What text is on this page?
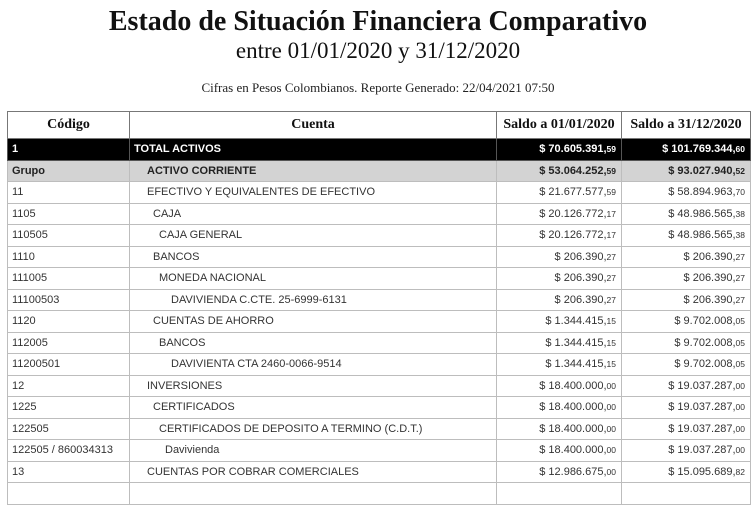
Estado de Situación Financiera Comparativo
entre 01/01/2020 y 31/12/2020
Cifras en Pesos Colombianos. Reporte Generado: 22/04/2021 07:50
Código	Cuenta	Saldo a 01/01/2020	Saldo a 31/12/2020
1	TOTAL ACTIVOS	$ 70.605.391,59	$ 101.769.344,60
Grupo	ACTIVO CORRIENTE	$ 53.064.252,59	$ 93.027.940,52
11	EFECTIVO Y EQUIVALENTES DE EFECTIVO	$ 21.677.577,59	$ 58.894.963,70
1105	CAJA	$ 20.126.772,17	$ 48.986.565,38
110505	CAJA GENERAL	$ 20.126.772,17	$ 48.986.565,38
1110	BANCOS	$ 206.390,27	$ 206.390,27
111005	MONEDA NACIONAL	$ 206.390,27	$ 206.390,27
11100503	DAVIVIENDA C.CTE. 25-6999-6131	$ 206.390,27	$ 206.390,27
1120	CUENTAS DE AHORRO	$ 1.344.415,15	$ 9.702.008,05
112005	BANCOS	$ 1.344.415,15	$ 9.702.008,05
11200501	DAVIVIENTA CTA 2460-0066-9514	$ 1.344.415,15	$ 9.702.008,05
12	INVERSIONES	$ 18.400.000,00	$ 19.037.287,00
1225	CERTIFICADOS	$ 18.400.000,00	$ 19.037.287,00
122505	CERTIFICADOS DE DEPOSITO A TERMINO (C.D.T.)	$ 18.400.000,00	$ 19.037.287,00
122505 / 860034313	Davivienda	$ 18.400.000,00	$ 19.037.287,00
13	CUENTAS POR COBRAR COMERCIALES	$ 12.986.675,00	$ 15.095.689,82
